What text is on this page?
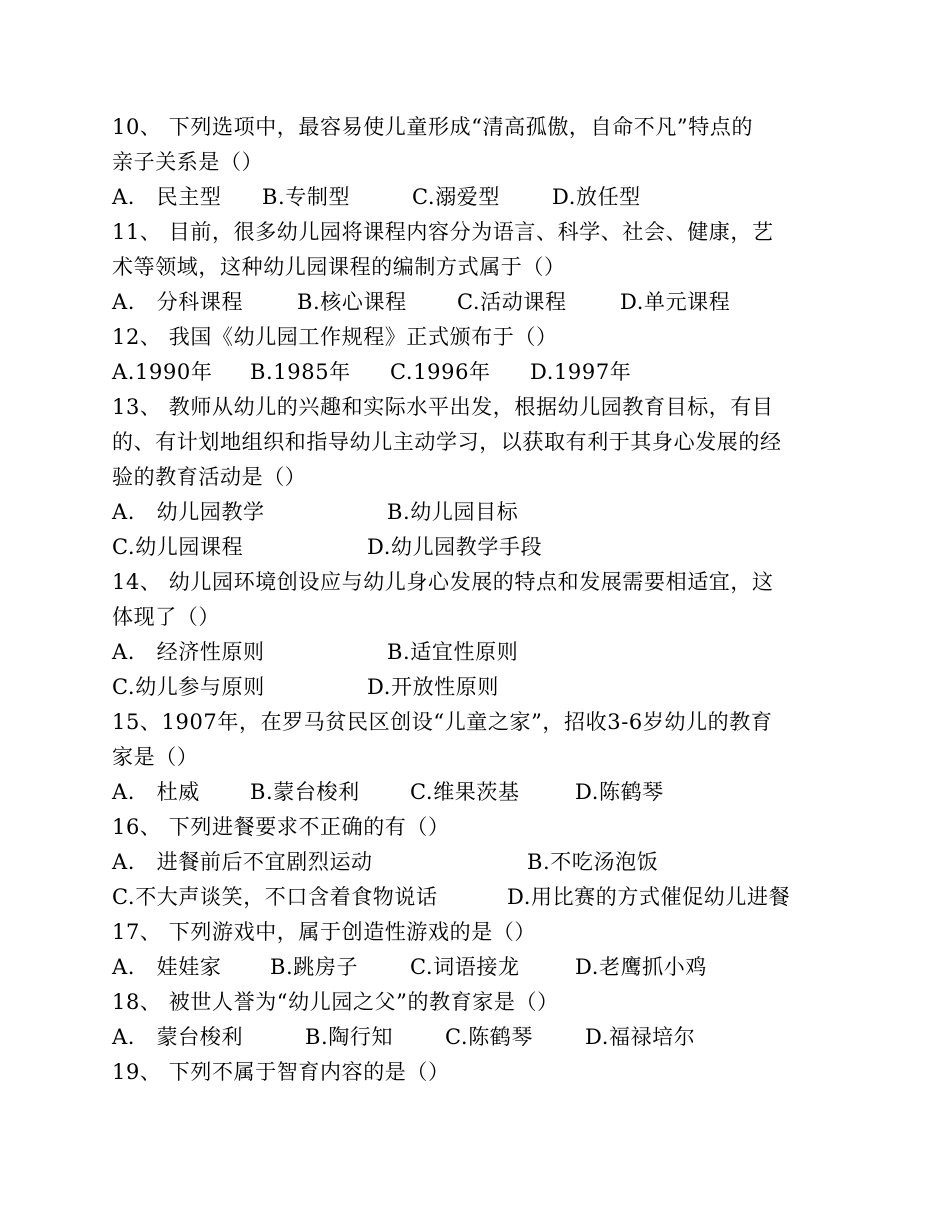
10、 下列选项中，最容易使儿童形成“清高孤傲，自命不凡”特点的
亲子关系是（）
A.　民主型 B.专制型	C.溺爱型 D.放任型
11、 目前，很多幼儿园将课程内容分为语言、科学、社会、健康，艺
术等领域，这种幼儿园课程的编制方式属于（）
A.　分科课程	B.核心课程 C.活动课程	D.单元课程
12、 我国《幼儿园工作规程》正式颁布于（）
A.1990年 B.1985年 C.1996年 D.1997年
13、 教师从幼儿的兴趣和实际水平出发，根据幼儿园教育目标，有目
的、有计划地组织和指导幼儿主动学习，以获取有利于其身心发展的经
验的教育活动是（）
A.　幼儿园教学	B.幼儿园目标
C.幼儿园课程	D.幼儿园教学手段
14、 幼儿园环境创设应与幼儿身心发展的特点和发展需要相适宜，这
体现了（）
A.　经济性原则	B.适宜性原则
C.幼儿参与原则	D.开放性原则
15、1907年，在罗马贫民区创设“儿童之家”，招收3-6岁幼儿的教育
家是（）
A.　杜威 B.蒙台梭利 C.维果茨基	D.陈鹤琴
16、 下列进餐要求不正确的有（）
A.　进餐前后不宜剧烈运动	B.不吃汤泡饭
C.不大声谈笑，不口含着食物说话	D.用比赛的方式催促幼儿进餐
17、 下列游戏中，属于创造性游戏的是（）
A.　娃娃家 B.跳房子 C.词语接龙	D.老鹰抓小鸡
18、 被世人誉为“幼儿园之父”的教育家是（）
A.　蒙台梭利	B.陶行知 C.陈鹤琴 D.福禄培尔
19、 下列不属于智育内容的是（）
